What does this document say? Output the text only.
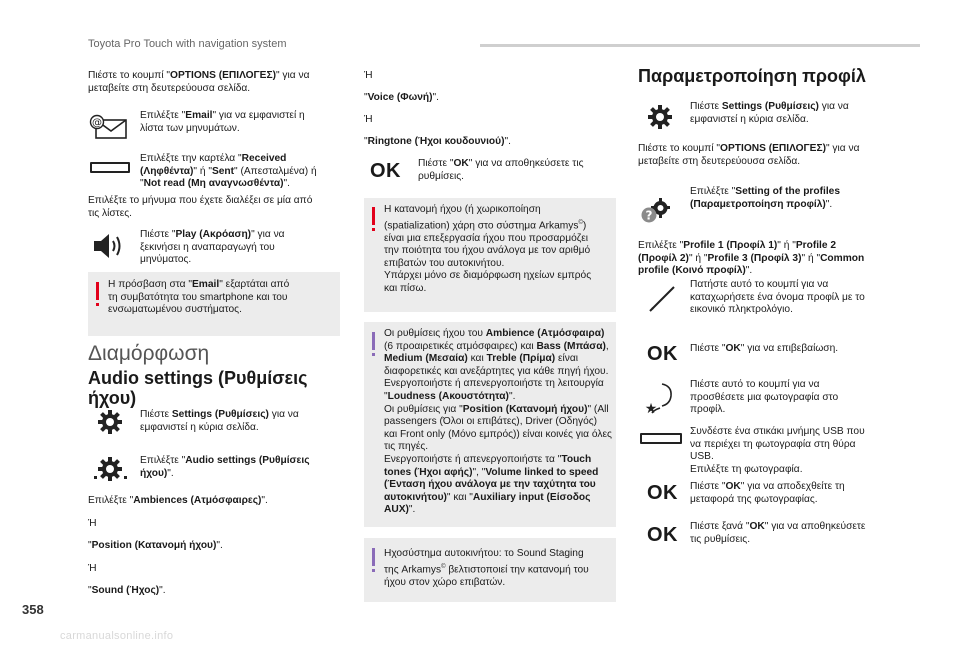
Toyota Pro Touch with navigation system
Πιέστε το κουμπί "OPTIONS (ΕΠΙΛΟΓΕΣ)" για να
μεταβείτε στη δευτερεύουσα σελίδα.
@
Επιλέξτε "Email" για να εμφανιστεί η
λίστα των μηνυμάτων.
Επιλέξτε την καρτέλα "Received
(Ληφθέντα)" ή "Sent" (Απεσταλμένα) ή
"Not read (Μη αναγνωσθέντα)".
Επιλέξτε το μήνυμα που έχετε διαλέξει σε μία από
τις λίστες.
Πιέστε "Play (Ακρόαση)" για να
ξεκινήσει η αναπαραγωγή του
μηνύματος.
Η πρόσβαση στα "Email" εξαρτάται από
τη συμβατότητα του smartphone και του
ενσωματωμένου συστήματος.
Διαμόρφωση
Audio settings (Ρυθμίσεις
ήχου)
Πιέστε Settings (Ρυθμίσεις) για να
εμφανιστεί η κύρια σελίδα.
Επιλέξτε "Audio settings (Ρυθμίσεις
ήχου)".
Επιλέξτε "Ambiences (Ατμόσφαιρες)".
Ή
"Position (Κατανομή ήχου)".
Ή
"Sound (Ήχος)".
Ή
"Voice (Φωνή)".
Ή
"Ringtone (Ήχοι κουδουνιού)".
OK Πιέστε "OK" για να αποθηκεύσετε τις
ρυθμίσεις.
Η κατανομή ήχου (ή χωρικοποίηση
(spatialization) χάρη στο σύστημα Arkamys©)
είναι μια επεξεργασία ήχου που προσαρμόζει
την ποιότητα του ήχου ανάλογα με τον αριθμό
επιβατών του αυτοκινήτου.
Υπάρχει μόνο σε διαμόρφωση ηχείων εμπρός
και πίσω.
Οι ρυθμίσεις ήχου του Ambience (Ατμόσφαιρα)
(6 προαιρετικές ατμόσφαιρες) και Bass (Μπάσα),
Medium (Μεσαία) και Treble (Πρίμα) είναι
διαφορετικές και ανεξάρτητες για κάθε πηγή ήχου.
Ενεργοποιήστε ή απενεργοποιήστε τη λειτουργία
"Loudness (Ακουστότητα)".
Οι ρυθμίσεις για "Position (Κατανομή ήχου)" (All
passengers (Όλοι οι επιβάτες), Driver (Οδηγός)
και Front only (Μόνο εμπρός)) είναι κοινές για όλες
τις πηγές.
Ενεργοποιήστε ή απενεργοποιήστε τα "Touch
tones (Ήχοι αφής)", "Volume linked to speed
(Ένταση ήχου ανάλογα με την ταχύτητα του
αυτοκινήτου)" και "Auxiliary input (Είσοδος
AUX)".
Ηχοσύστημα αυτοκινήτου: το Sound Staging
της Arkamys© βελτιστοποιεί την κατανομή του
ήχου στον χώρο επιβατών.
Παραμετροποίηση προφίλ
Πιέστε Settings (Ρυθμίσεις) για να
εμφανιστεί η κύρια σελίδα.
Πιέστε το κουμπί "OPTIONS (ΕΠΙΛΟΓΕΣ)" για να
μεταβείτε στη δευτερεύουσα σελίδα.
?
Επιλέξτε "Setting of the profiles
(Παραμετροποίηση προφίλ)".
Επιλέξτε "Profile 1 (Προφίλ 1)" ή "Profile 2
(Προφίλ 2)" ή "Profile 3 (Προφίλ 3)" ή "Common
profile (Κοινό προφίλ)".
Πατήστε αυτό το κουμπί για να
καταχωρήσετε ένα όνομα προφίλ με το
εικονικό πληκτρολόγιο.
OK Πιέστε "OK" για να επιβεβαίωση.
★
Πιέστε αυτό το κουμπί για να
προσθέσετε μια φωτογραφία στο
προφίλ.
Συνδέστε ένα στικάκι μνήμης USB που
να περιέχει τη φωτογραφία στη θύρα
USB.
Επιλέξτε τη φωτογραφία.
OK Πιέστε "OK" για να αποδεχθείτε τη
μεταφορά της φωτογραφίας.
OK Πιέστε ξανά "OK" για να αποθηκεύσετε
τις ρυθμίσεις.
358
carmanualsonline.info
